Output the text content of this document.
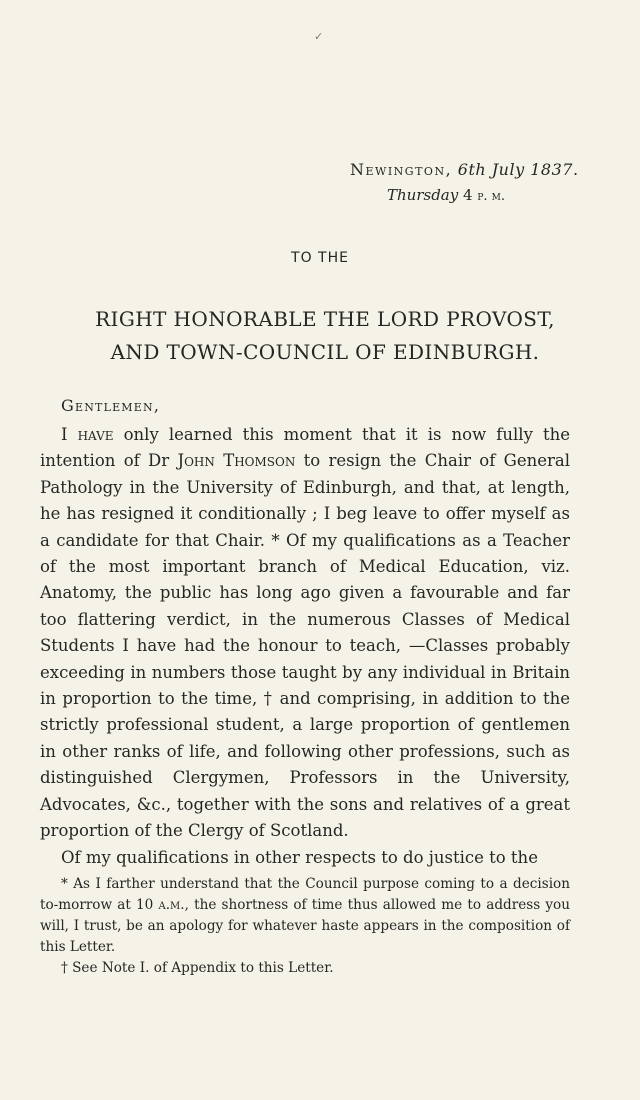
✓
Newington, 6th July 1837.
Thursday 4 p. m.
TO THE
RIGHT HONORABLE THE LORD PROVOST,
AND TOWN-COUNCIL OF EDINBURGH.
Gentlemen,

I have only learned this moment that it is now fully the intention of Dr John Thomson to resign the Chair of General Pathology in the University of Edinburgh, and that, at length, he has resigned it conditionally ; I beg leave to offer myself as a candidate for that Chair. * Of my qualifications as a Teacher of the most important branch of Medical Education, viz. Anatomy, the public has long ago given a favourable and far too flattering verdict, in the numerous Classes of Medical Students I have had the honour to teach, —Classes probably exceeding in numbers those taught by any individual in Britain in proportion to the time, † and comprising, in addition to the strictly professional student, a large proportion of gentlemen in other ranks of life, and following other professions, such as distinguished Clergymen, Professors in the University, Advocates, &c., together with the sons and relatives of a great proportion of the Clergy of Scotland.

Of my qualifications in other respects to do justice to the

* As I farther understand that the Council purpose coming to a decision to-morrow at 10 a.m., the shortness of time thus allowed me to address you will, I trust, be an apology for whatever haste appears in the composition of this Letter.

† See Note I. of Appendix to this Letter.
